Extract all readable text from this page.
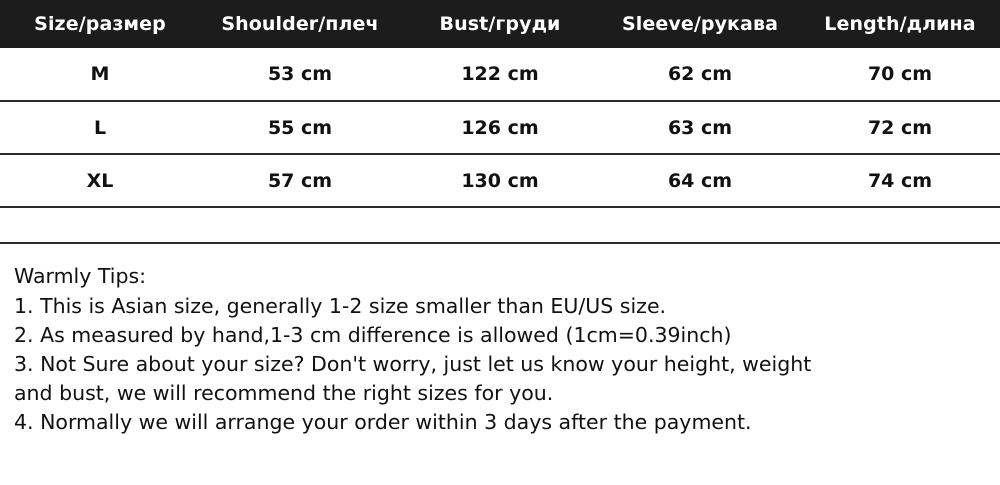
Size/размер	Shoulder/плеч	Bust/груди	Sleeve/рукава	Length/длина
M	53 cm	122 cm	62 cm	70 cm
L	55 cm	126 cm	63 cm	72 cm
XL	57 cm	130 cm	64 cm	74 cm

Warmly Tips:

1. This is Asian size, generally 1-2 size smaller than EU/US size.

2. As measured by hand,1-3 cm difference is allowed (1cm=0.39inch)

3. Not Sure about your size? Don't worry, just let us know your height, weight

and bust, we will recommend the right sizes for you.

4. Normally we will arrange your order within 3 days after the payment.
